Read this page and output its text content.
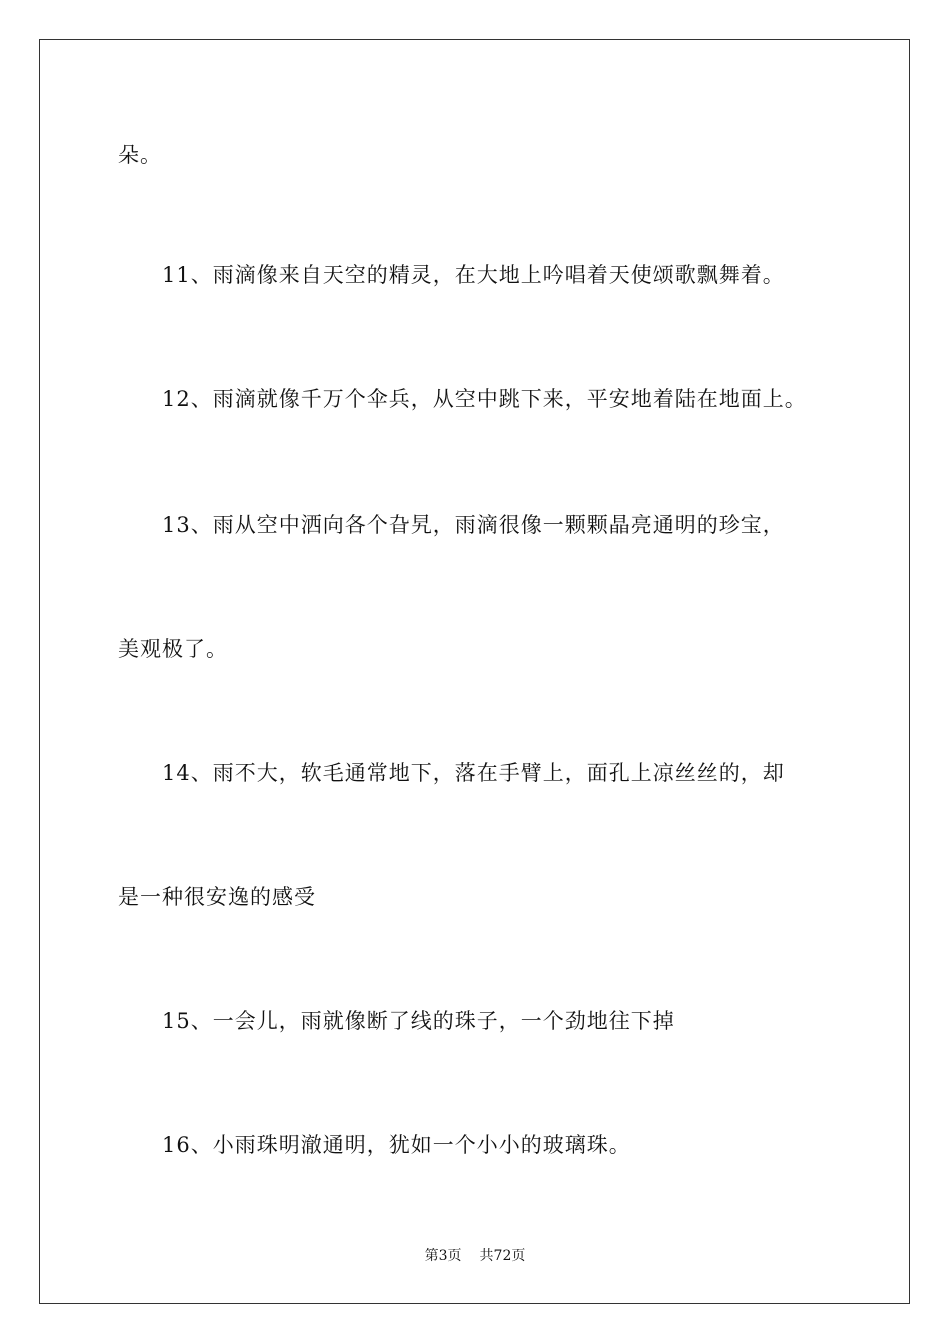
朵。
11、雨滴像来自天空的精灵，在大地上吟唱着天使颂歌飘舞着。
12、雨滴就像千万个伞兵，从空中跳下来，平安地着陆在地面上。
13、雨从空中洒向各个旮旯，雨滴很像一颗颗晶亮通明的珍宝，
美观极了。
14、雨不大，软毛通常地下，落在手臂上，面孔上凉丝丝的，却
是一种很安逸的感受
15、一会儿，雨就像断了线的珠子，一个劲地往下掉
16、小雨珠明澈通明，犹如一个小小的玻璃珠。
第3页 共72页
